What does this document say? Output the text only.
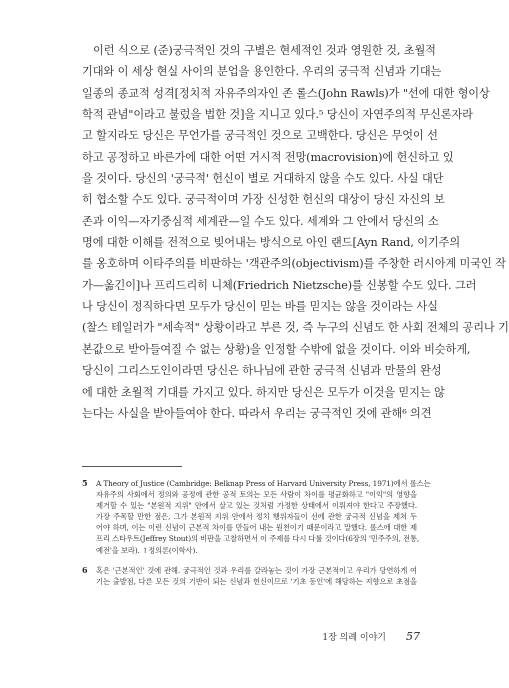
이런 식으로 (준)궁극적인 것의 구별은 현세적인 것과 영원한 것, 초월적
기대와 이 세상 현실 사이의 분업을 용인한다. 우리의 궁극적 신념과 기대는
일종의 종교적 성격[정치적 자유주의자인 존 롤스(John Rawls)가 "선에 대한 형이상
학적 관념"이라고 불렀을 법한 것]을 지니고 있다.⁵ 당신이 자연주의적 무신론자라
고 할지라도 당신은 무언가를 궁극적인 것으로 고백한다. 당신은 무엇이 선
하고 공정하고 바른가에 대한 어떤 거시적 전망(macrovision)에 헌신하고 있
을 것이다. 당신의 '궁극적' 헌신이 별로 거대하지 않을 수도 있다. 사실 대단
히 협소할 수도 있다. 궁극적이며 가장 신성한 헌신의 대상이 당신 자신의 보
존과 이익—자기중심적 세계관—일 수도 있다. 세계와 그 안에서 당신의 소
명에 대한 이해를 전적으로 빚어내는 방식으로 아인 랜드[Ayn Rand, 이기주의
를 옹호하며 이타주의를 비판하는 '객관주의(objectivism)를 주창한 러시아계 미국인 작
가—옮긴이]나 프리드리히 니체(Friedrich Nietzsche)를 신봉할 수도 있다. 그러
나 당신이 정직하다면 모두가 당신이 믿는 바를 믿지는 않을 것이라는 사실
(찰스 테일러가 "세속적" 상황이라고 부른 것, 즉 누구의 신념도 한 사회 전체의 공리나 기
본값으로 받아들여질 수 없는 상황)을 인정할 수밖에 없을 것이다. 이와 비슷하게,
당신이 그리스도인이라면 당신은 하나님에 관한 궁극적 신념과 만물의 완성
에 대한 초월적 기대를 가지고 있다. 하지만 당신은 모두가 이것을 믿지는 않
는다는 사실을 받아들여야 한다. 따라서 우리는 궁극적인 것에 관해⁶ 의견
5 A Theory of Justice (Cambridge: Belknap Press of Harvard University Press, 1971)에서 롤스는
자유주의 사회에서 정의와 공정에 관한 공적 토의는 모든 사람이 차이를 평균화하고 "이익"의 영향을
제거할 수 있는 "본원적 지위" 안에서 살고 있는 것처럼 가정한 상태에서 이뤄져야 한다고 주장했다.
가장 주목할 만한 점은, 그가 본원적 지위 안에서 정치 행위자들이 선에 관한 궁극적 신념을 제쳐 두
어야 하며, 이는 이런 신념이 근본적 차이를 만들어 내는 원천이기 때문이라고 말했다. 롤스에 대한 제
프리 스타우트(Jeffrey Stout)의 비판을 고찰하면서 이 주제를 다시 다룰 것이다(6장의 '민주주의, 전통,
예전'을 보라). ↑정의론(이학사).
6 혹은 '근본적인' 것에 관해. 궁극적인 것과 우리를 갈라놓는 것이 가장 근본적이고 우리가 당연하게 여
기는 출발점, 다른 모든 것의 기반이 되는 신념과 헌신이므로 '기초 동인'에 해당하는 지향으로 초점을
1장 의례 이야기 57
